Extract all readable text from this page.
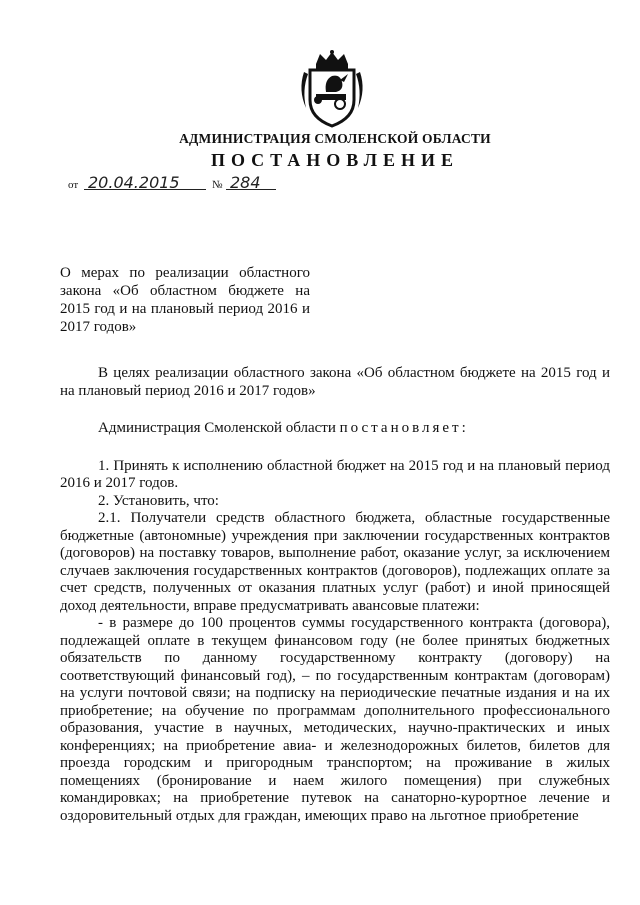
АДМИНИСТРАЦИЯ СМОЛЕНСКОЙ ОБЛАСТИ
ПОСТАНОВЛЕНИЕ
от 20.04.2015	№ 284
О мерах по реализации областного закона «Об областном бюджете на 2015 год и на плановый период 2016 и 2017 годов»

В целях реализации областного закона «Об областном бюджете на 2015 год и на плановый период 2016 и 2017 годов»

Администрация Смоленской области постановляет:

1. Принять к исполнению областной бюджет на 2015 год и на плановый период 2016 и 2017 годов.

2. Установить, что:

2.1. Получатели средств областного бюджета, областные государственные бюджетные (автономные) учреждения при заключении государственных контрактов (договоров) на поставку товаров, выполнение работ, оказание услуг, за исключением случаев заключения государственных контрактов (договоров), подлежащих оплате за счет средств, полученных от оказания платных услуг (работ) и иной приносящей доход деятельности, вправе предусматривать авансовые платежи:

- в размере до 100 процентов суммы государственного контракта (договора), подлежащей оплате в текущем финансовом году (не более принятых бюджетных обязательств по данному государственному контракту (договору) на соответствующий финансовый год), – по государственным контрактам (договорам) на услуги почтовой связи; на подписку на периодические печатные издания и на их приобретение; на обучение по программам дополнительного профессионального образования, участие в научных, методических, научно-практических и иных конференциях; на приобретение авиа- и железнодорожных билетов, билетов для проезда городским и пригородным транспортом; на проживание в жилых помещениях (бронирование и наем жилого помещения) при служебных командировках; на приобретение путевок на санаторно-курортное лечение и оздоровительный отдых для граждан, имеющих право на льготное приобретение
